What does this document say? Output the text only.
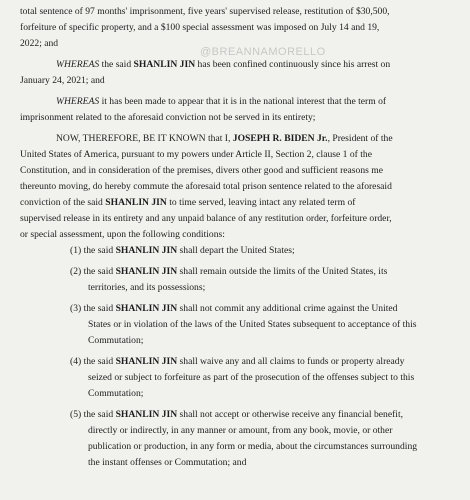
@BREANNAMORELLO
total sentence of 97 months' imprisonment, five years' supervised release, restitution of $30,500,
forfeiture of specific property, and a $100 special assessment was imposed on July 14 and 19,
2022; and
WHEREAS the said SHANLIN JIN has been confined continuously since his arrest on
January 24, 2021; and
WHEREAS it has been made to appear that it is in the national interest that the term of
imprisonment related to the aforesaid conviction not be served in its entirety;
NOW, THEREFORE, BE IT KNOWN that I, JOSEPH R. BIDEN Jr., President of the
United States of America, pursuant to my powers under Article II, Section 2, clause 1 of the
Constitution, and in consideration of the premises, divers other good and sufficient reasons me
thereunto moving, do hereby commute the aforesaid total prison sentence related to the aforesaid
conviction of the said SHANLIN JIN to time served, leaving intact any related term of
supervised release in its entirety and any unpaid balance of any restitution order, forfeiture order,
or special assessment, upon the following conditions:
(1) the said SHANLIN JIN shall depart the United States;
(2) the said SHANLIN JIN shall remain outside the limits of the United States, its
territories, and its possessions;
(3) the said SHANLIN JIN shall not commit any additional crime against the United
States or in violation of the laws of the United States subsequent to acceptance of this
Commutation;
(4) the said SHANLIN JIN shall waive any and all claims to funds or property already
seized or subject to forfeiture as part of the prosecution of the offenses subject to this
Commutation;
(5) the said SHANLIN JIN shall not accept or otherwise receive any financial benefit,
directly or indirectly, in any manner or amount, from any book, movie, or other
publication or production, in any form or media, about the circumstances surrounding
the instant offenses or Commutation; and
